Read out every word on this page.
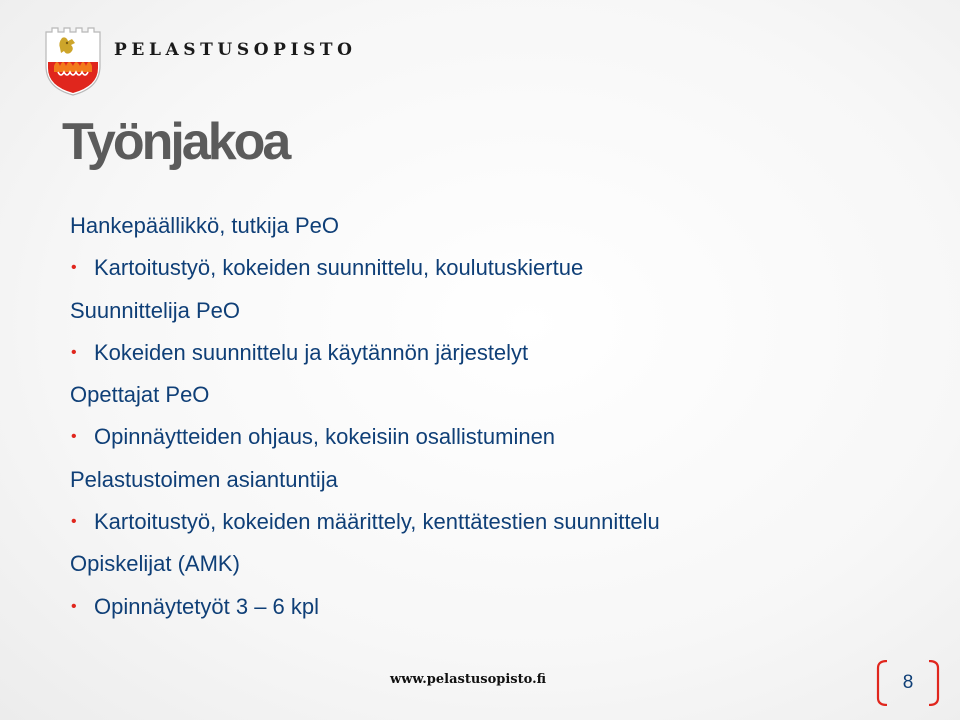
PELASTUSOPISTO
Työnjakoa
Hankepäällikkö, tutkija PeO
• Kartoitustyö, kokeiden suunnittelu, koulutuskiertue
Suunnittelija PeO
• Kokeiden suunnittelu ja käytännön järjestelyt
Opettajat PeO
• Opinnäytteiden ohjaus, kokeisiin osallistuminen
Pelastustoimen asiantuntija
• Kartoitustyö, kokeiden määrittely, kenttätestien suunnittelu
Opiskelijat (AMK)
• Opinnäytetyöt 3 – 6 kpl
www.pelastusopisto.fi	8
